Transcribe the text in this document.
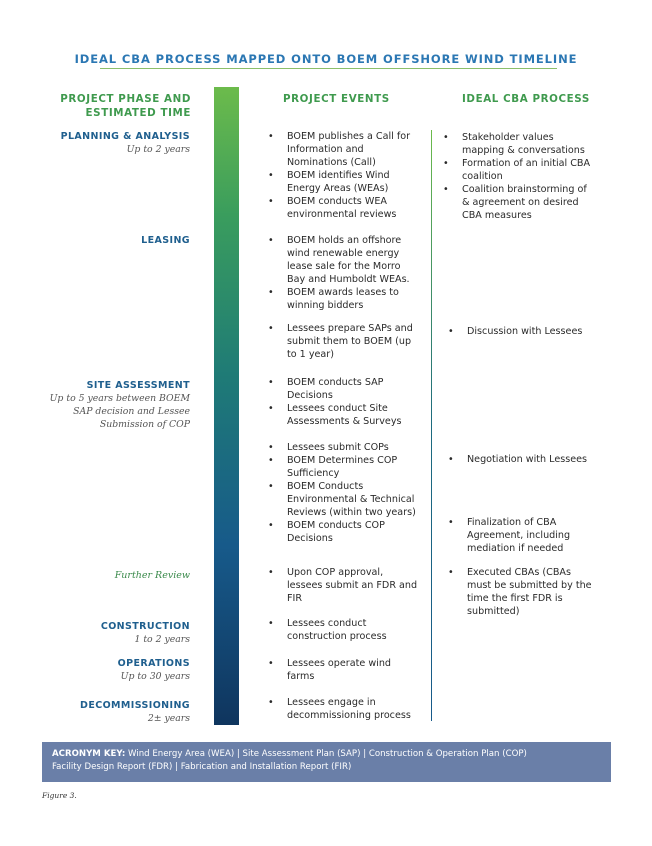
IDEAL CBA PROCESS MAPPED ONTO BOEM OFFSHORE WIND TIMELINE
PROJECT PHASE AND
ESTIMATED TIME
PROJECT EVENTS	IDEAL CBA PROCESS
PLANNING & ANALYSIS
Up to 2 years
LEASING
SITE ASSESSMENT
Up to 5 years between BOEM
SAP decision and Lessee
Submission of COP
Further Review
CONSTRUCTION
1 to 2 years
OPERATIONS
Up to 30 years
DECOMMISSIONING
2± years
• BOEM publishes a Call for Information and Nominations (Call)
• BOEM identifies Wind Energy Areas (WEAs)
• BOEM conducts WEA environmental reviews
• BOEM holds an offshore wind renewable energy lease sale for the Morro Bay and Humboldt WEAs.
• BOEM awards leases to winning bidders
• Lessees prepare SAPs and submit them to BOEM (up to 1 year)
• BOEM conducts SAP Decisions
• Lessees conduct Site Assessments & Surveys
• Lessees submit COPs
• BOEM Determines COP Sufficiency
• BOEM Conducts Environmental & Technical Reviews (within two years)
• BOEM conducts COP Decisions
• Upon COP approval, lessees submit an FDR and FIR
• Lessees conduct construction process
• Lessees operate wind farms
• Lessees engage in decommissioning process
• Stakeholder values mapping & conversations
• Formation of an initial CBA coalition
• Coalition brainstorming of & agreement on desired CBA measures
• Discussion with Lessees
• Negotiation with Lessees
• Finalization of CBA Agreement, including mediation if needed
• Executed CBAs (CBAs must be submitted by the time the first FDR is submitted)
ACRONYM KEY: Wind Energy Area (WEA) | Site Assessment Plan (SAP) | Construction & Operation Plan (COP)
Facility Design Report (FDR) | Fabrication and Installation Report (FIR)
Figure 3.
